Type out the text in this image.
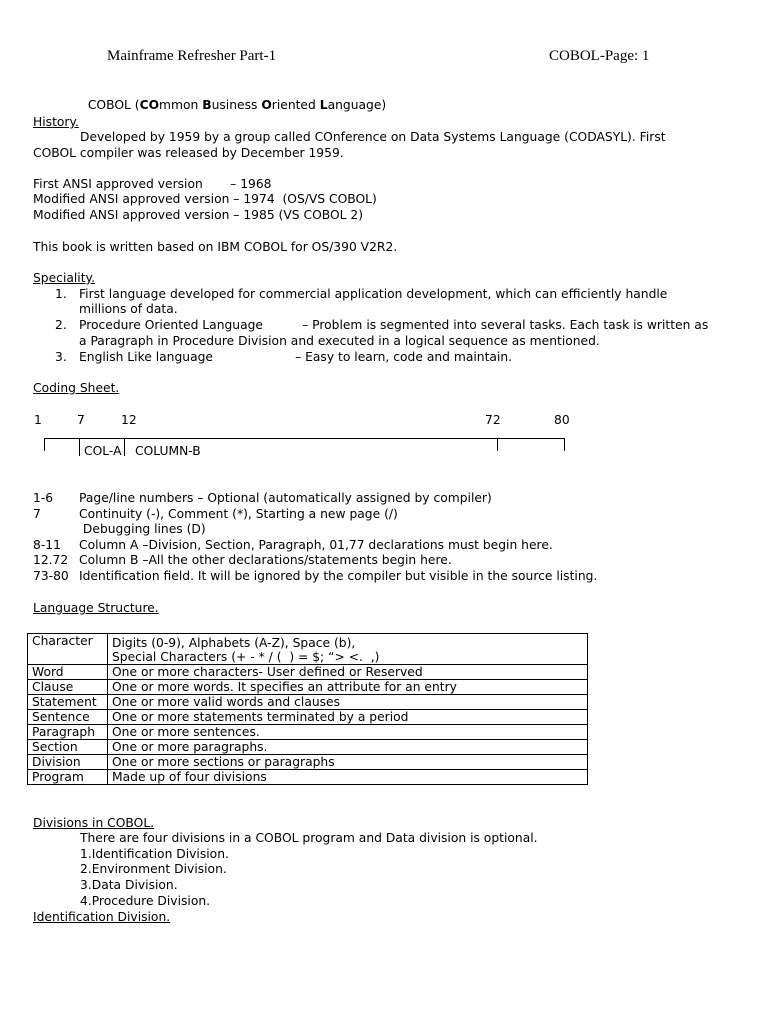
Mainframe Refresher Part-1	COBOL-Page: 1

COBOL (COmmon Business Oriented Language)

History.
Developed by 1959 by a group called COnference on Data Systems Language (CODASYL). First
COBOL compiler was released by December 1959.
First ANSI approved version       – 1968
Modified ANSI approved version – 1974  (OS/VS COBOL)
Modified ANSI approved version – 1985 (VS COBOL 2)
This book is written based on IBM COBOL for OS/390 V2R2.
Speciality.
1. First language developed for commercial application development, which can efficiently handle
millions of data.
2. Procedure Oriented Language          – Problem is segmented into several tasks. Each task is written as
a Paragraph in Procedure Division and executed in a logical sequence as mentioned.
3. English Like language                     – Easy to learn, code and maintain.
Coding Sheet.
1	7	12	72	80
COL-A COLUMN-B
1-6 Page/line numbers – Optional (automatically assigned by compiler)
7	Continuity (-), Comment (*), Starting a new page (/)
Debugging lines (D)
8-11 Column A –Division, Section, Paragraph, 01,77 declarations must begin here.
12.72 Column B –All the other declarations/statements begin here.
73-80 Identification field. It will be ignored by the compiler but visible in the source listing.
Language Structure.
Character	Digits (0-9), Alphabets (A-Z), Space (b),
Special Characters (+ - * / (  ) = $; “> <.  ,)
Word	One or more characters- User defined or Reserved
Clause	One or more words. It specifies an attribute for an entry
Statement	One or more valid words and clauses
Sentence	One or more statements terminated by a period
Paragraph	One or more sentences.
Section	One or more paragraphs.
Division	One or more sections or paragraphs
Program	Made up of four divisions
Divisions in COBOL.
There are four divisions in a COBOL program and Data division is optional.
1.Identification Division.
2.Environment Division.
3.Data Division.
4.Procedure Division.
Identification Division.
